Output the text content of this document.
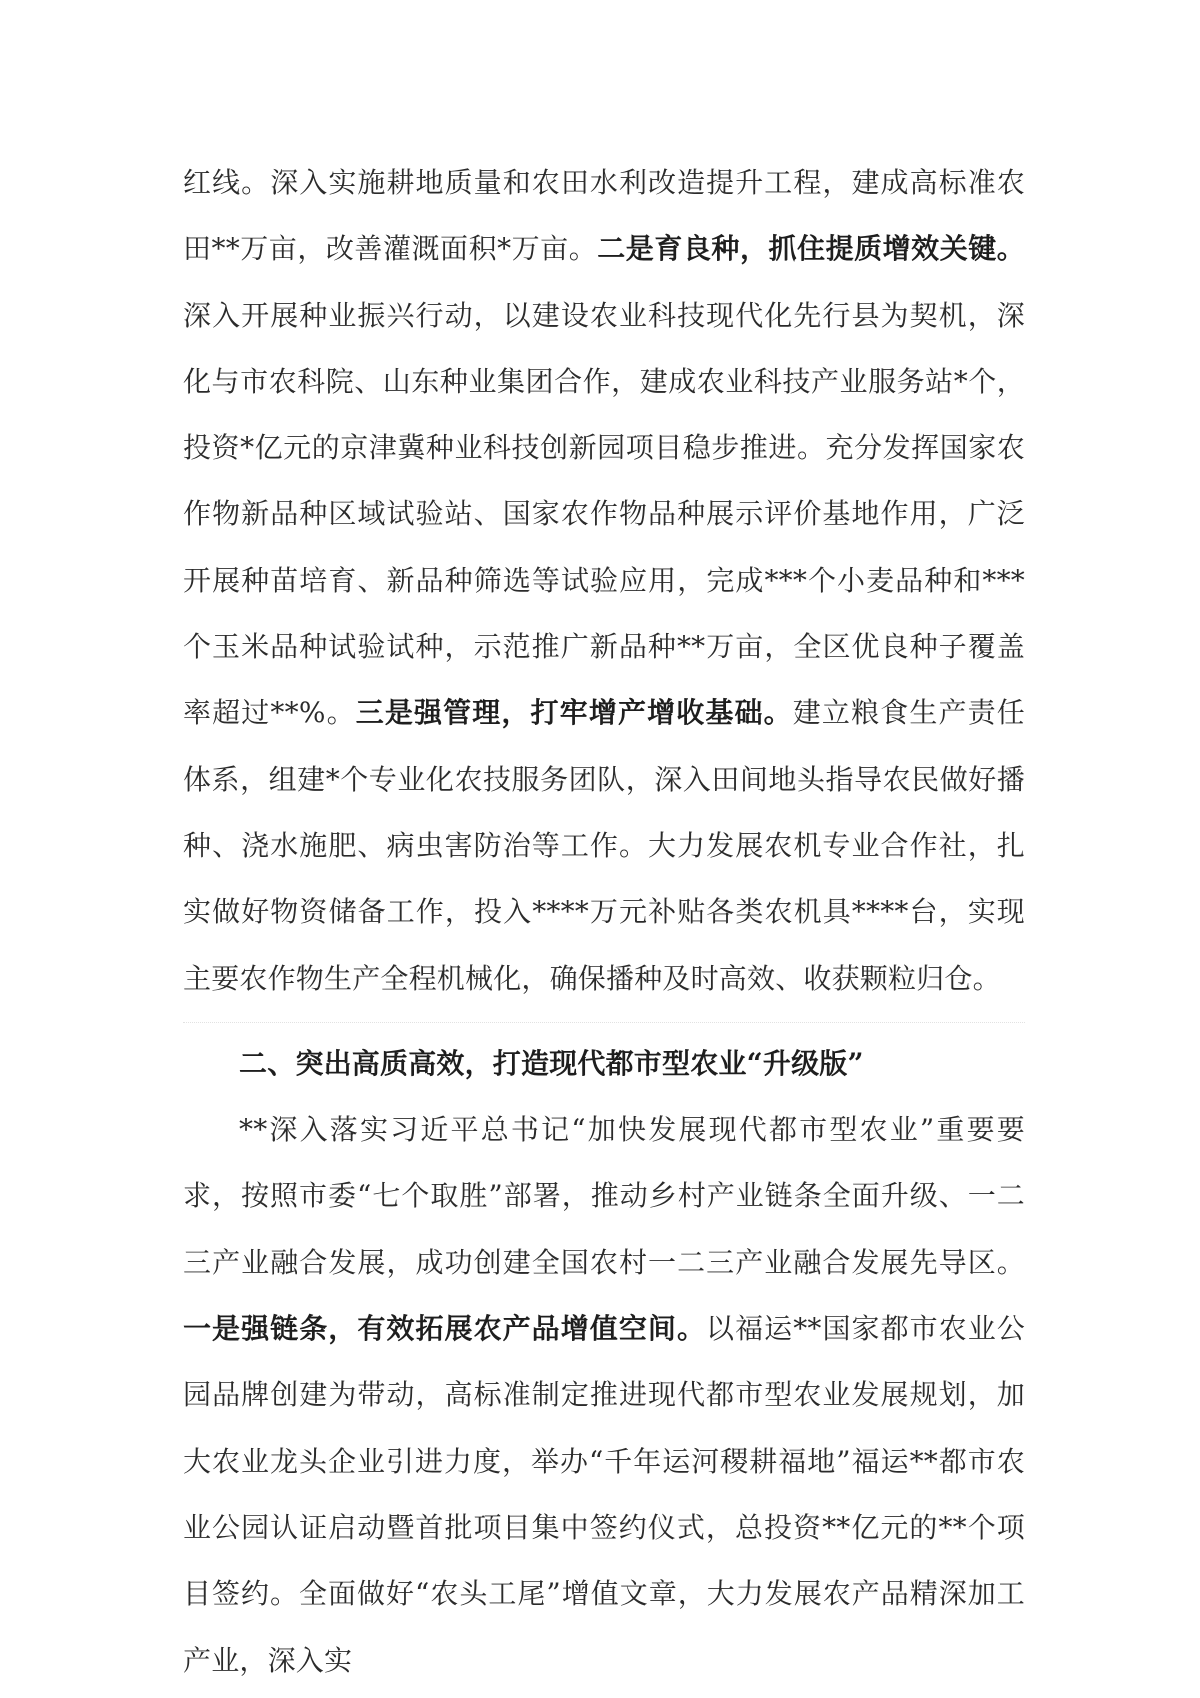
红线。深入实施耕地质量和农田水利改造提升工程，建成高标准农田**万亩，改善灌溉面积*万亩。二是育良种，抓住提质增效关键。深入开展种业振兴行动，以建设农业科技现代化先行县为契机，深化与市农科院、山东种业集团合作，建成农业科技产业服务站*个，投资*亿元的京津冀种业科技创新园项目稳步推进。充分发挥国家农作物新品种区域试验站、国家农作物品种展示评价基地作用，广泛开展种苗培育、新品种筛选等试验应用，完成***个小麦品种和***个玉米品种试验试种，示范推广新品种**万亩，全区优良种子覆盖率超过**%。三是强管理，打牢增产增收基础。建立粮食生产责任体系，组建*个专业化农技服务团队，深入田间地头指导农民做好播种、浇水施肥、病虫害防治等工作。大力发展农机专业合作社，扎实做好物资储备工作，投入****万元补贴各类农机具****台，实现主要农作物生产全程机械化，确保播种及时高效、收获颗粒归仓。

二、突出高质高效，打造现代都市型农业“升级版”

**深入落实习近平总书记“加快发展现代都市型农业”重要要求，按照市委“七个取胜”部署，推动乡村产业链条全面升级、一二三产业融合发展，成功创建全国农村一二三产业融合发展先导区。一是强链条，有效拓展农产品增值空间。以福运**国家都市农业公园品牌创建为带动，高标准制定推进现代都市型农业发展规划，加大农业龙头企业引进力度，举办“千年运河稷耕福地”福运**都市农业公园认证启动暨首批项目集中签约仪式，总投资**亿元的**个项目签约。全面做好“农头工尾”增值文章，大力发展农产品精深加工产业，深入实
